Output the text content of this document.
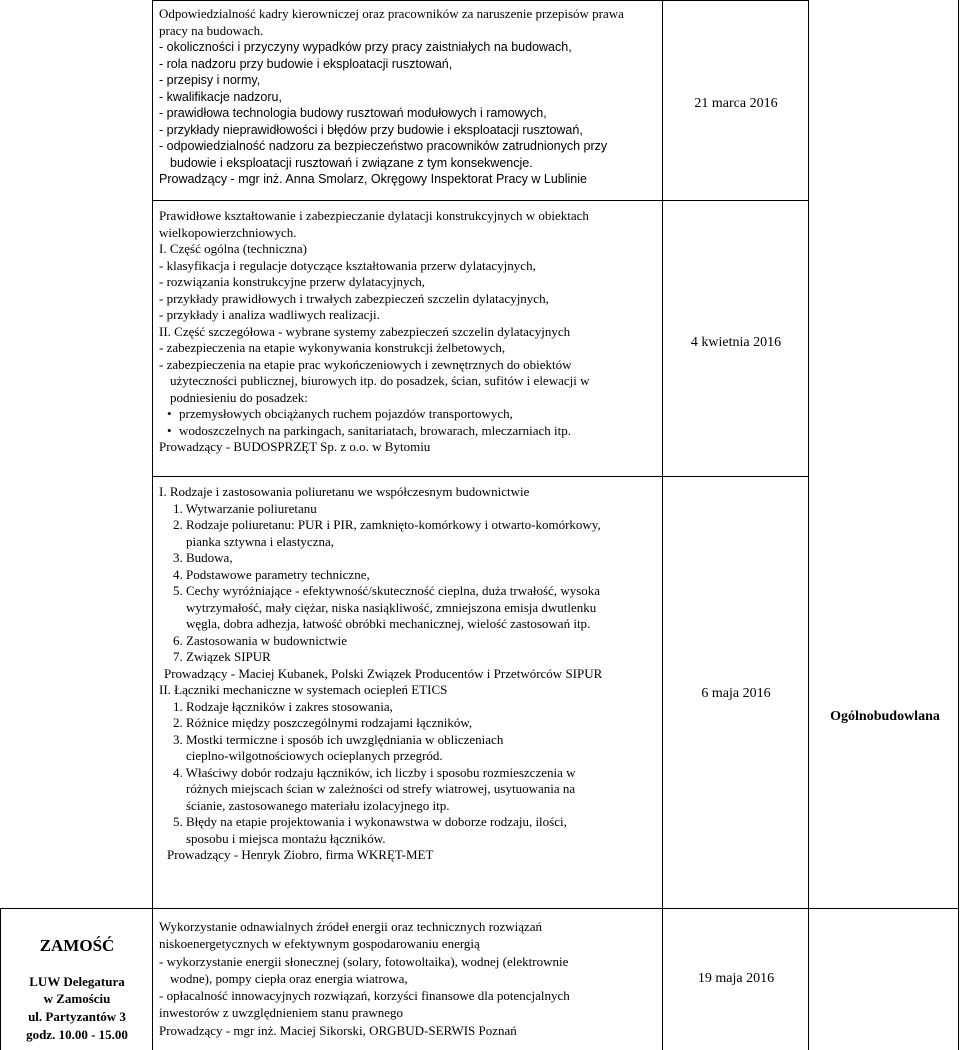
Odpowiedzialność kadry kierowniczej oraz pracowników za naruszenie przepisów prawa

pracy na budowach.

- okoliczności i przyczyny wypadków przy pracy zaistniałych na budowach,

- rola nadzoru przy budowie i eksploatacji rusztowań,

- przepisy i normy,

- kwalifikacje nadzoru,

- prawidłowa technologia budowy rusztowań modułowych i ramowych,

- przykłady nieprawidłowości i błędów przy budowie i eksploatacji rusztowań,

- odpowiedzialność nadzoru za bezpieczeństwo pracowników zatrudnionych przy

budowie i eksploatacji rusztowań i związane z tym konsekwencje.

Prowadzący - mgr inż. Anna Smolarz, Okręgowy Inspektorat Pracy w Lublinie

21 marca 2016

Prawidłowe kształtowanie i zabezpieczanie dylatacji konstrukcyjnych w obiektach

wielkopowierzchniowych.

I. Część ogólna (techniczna)

- klasyfikacja i regulacje dotyczące kształtowania przerw dylatacyjnych,

- rozwiązania konstrukcyjne przerw dylatacyjnych,

- przykłady prawidłowych i trwałych zabezpieczeń szczelin dylatacyjnych,

- przykłady i analiza wadliwych realizacji.

II. Część szczegółowa - wybrane systemy zabezpieczeń szczelin dylatacyjnych

- zabezpieczenia na etapie wykonywania konstrukcji żelbetowych,

- zabezpieczenia na etapie prac wykończeniowych i zewnętrznych do obiektów

użyteczności publicznej, biurowych itp. do posadzek, ścian, sufitów i elewacji w

podniesieniu do posadzek:

• przemysłowych obciążanych ruchem pojazdów transportowych,

• wodoszczelnych na parkingach, sanitariatach, browarach, mleczarniach itp.

Prowadzący - BUDOSPRZĘT Sp. z o.o. w Bytomiu

4 kwietnia 2016

I. Rodzaje i zastosowania poliuretanu we współczesnym budownictwie

1. Wytwarzanie poliuretanu

2. Rodzaje poliuretanu: PUR i PIR, zamknięto-komórkowy i otwarto-komórkowy,

pianka sztywna i elastyczna,

3. Budowa,

4. Podstawowe parametry techniczne,

5. Cechy wyróżniające - efektywność/skuteczność cieplna, duża trwałość, wysoka

wytrzymałość, mały ciężar, niska nasiąkliwość, zmniejszona emisja dwutlenku

węgla, dobra adhezja, łatwość obróbki mechanicznej, wielość zastosowań itp.

6. Zastosowania w budownictwie

7. Związek SIPUR

Prowadzący - Maciej Kubanek, Polski Związek Producentów i Przetwórców SIPUR

II. Łączniki mechaniczne w systemach ociepleń ETICS

1. Rodzaje łączników i zakres stosowania,

2. Różnice między poszczególnymi rodzajami łączników,

3. Mostki termiczne i sposób ich uwzględniania w obliczeniach

cieplno-wilgotnościowych ocieplanych przegród.

4. Właściwy dobór rodzaju łączników, ich liczby i sposobu rozmieszczenia w

różnych miejscach ścian w zależności od strefy wiatrowej, usytuowania na

ścianie, zastosowanego materiału izolacyjnego itp.

5. Błędy na etapie projektowania i wykonawstwa w doborze rodzaju, ilości,

sposobu i miejsca montażu łączników.

Prowadzący - Henryk Ziobro, firma WKRĘT-MET

6 maja 2016
Ogólnobudowlana

Wykorzystanie odnawialnych źródeł energii oraz technicznych rozwiązań

niskoenergetycznych w efektywnym gospodarowaniu energią

- wykorzystanie energii słonecznej (solary, fotowoltaika), wodnej (elektrownie

wodne), pompy ciepła oraz energia wiatrowa,

- opłacalność innowacyjnych rozwiązań, korzyści finansowe dla potencjalnych

inwestorów z uwzględnieniem stanu prawnego

Prowadzący - mgr inż. Maciej Sikorski, ORGBUD-SERWIS Poznań

19 maja 2016
ZAMOŚĆ
LUW Delegatura
w Zamościu
ul. Partyzantów 3
godz. 10.00 - 15.00
